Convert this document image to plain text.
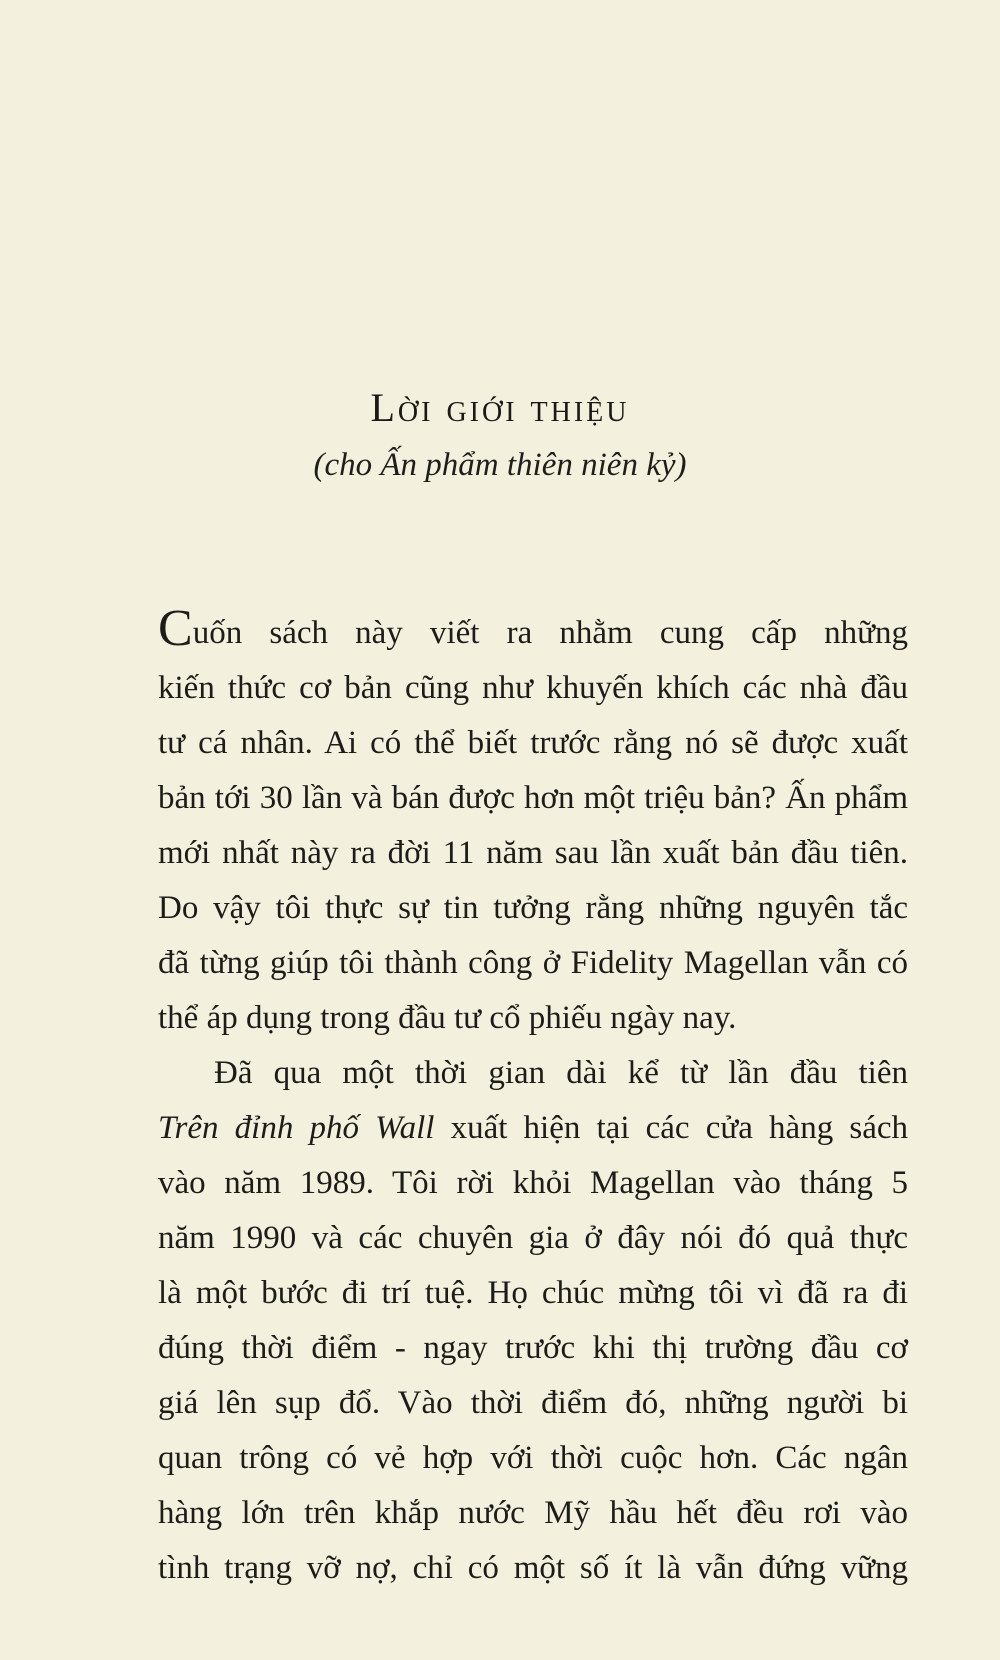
Lời giới thiệu
(cho Ấn phẩm thiên niên kỷ)
Cuốn sách này viết ra nhằm cung cấp những
kiến thức cơ bản cũng như khuyến khích các nhà đầu
tư cá nhân. Ai có thể biết trước rằng nó sẽ được xuất
bản tới 30 lần và bán được hơn một triệu bản? Ấn phẩm
mới nhất này ra đời 11 năm sau lần xuất bản đầu tiên.
Do vậy tôi thực sự tin tưởng rằng những nguyên tắc
đã từng giúp tôi thành công ở Fidelity Magellan vẫn có
thể áp dụng trong đầu tư cổ phiếu ngày nay.
Đã qua một thời gian dài kể từ lần đầu tiên
Trên đỉnh phố Wall xuất hiện tại các cửa hàng sách
vào năm 1989. Tôi rời khỏi Magellan vào tháng 5
năm 1990 và các chuyên gia ở đây nói đó quả thực
là một bước đi trí tuệ. Họ chúc mừng tôi vì đã ra đi
đúng thời điểm - ngay trước khi thị trường đầu cơ
giá lên sụp đổ. Vào thời điểm đó, những người bi
quan trông có vẻ hợp với thời cuộc hơn. Các ngân
hàng lớn trên khắp nước Mỹ hầu hết đều rơi vào
tình trạng vỡ nợ, chỉ có một số ít là vẫn đứng vững
